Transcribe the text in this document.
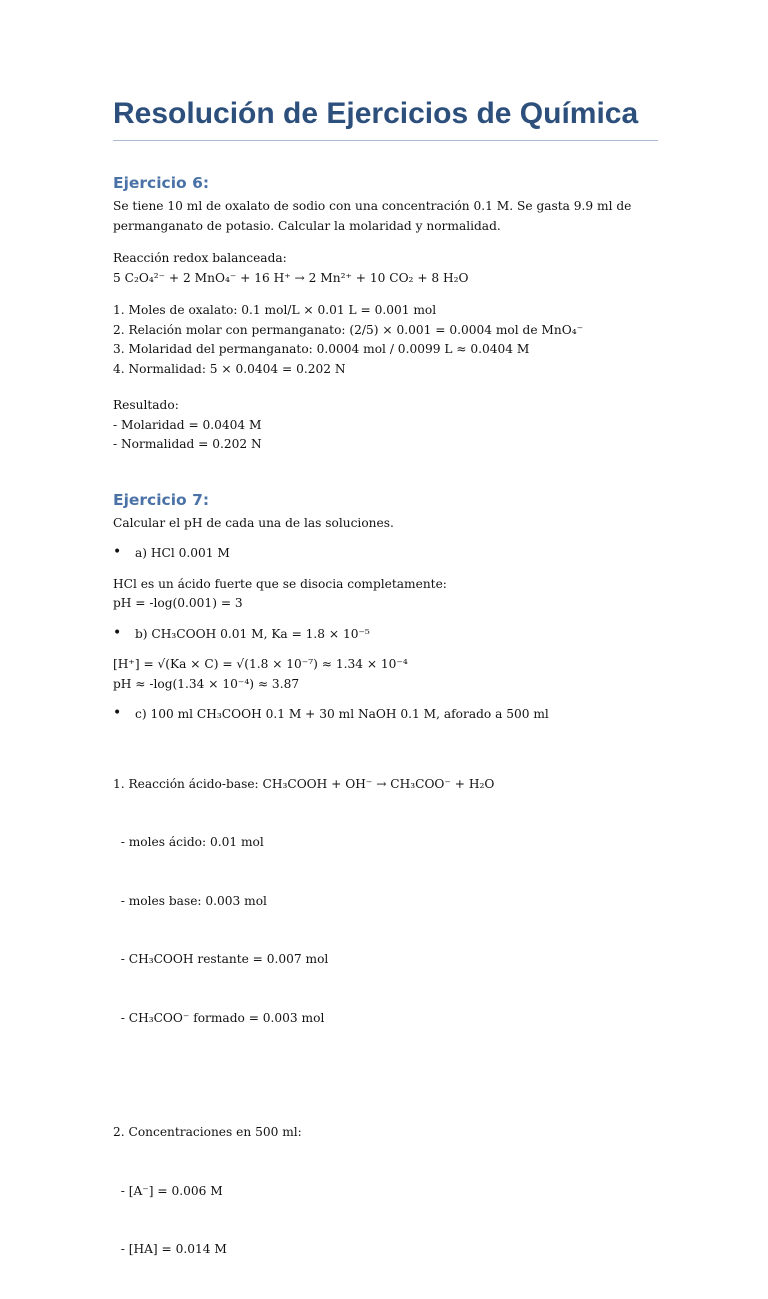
Resolución de Ejercicios de Química
Ejercicio 6:

Se tiene 10 ml de oxalato de sodio con una concentración 0.1 M. Se gasta 9.9 ml de
permanganato de potasio. Calcular la molaridad y normalidad.

Reacción redox balanceada:
5 C₂O₄²⁻ + 2 MnO₄⁻ + 16 H⁺ → 2 Mn²⁺ + 10 CO₂ + 8 H₂O

1. Moles de oxalato: 0.1 mol/L × 0.01 L = 0.001 mol
2. Relación molar con permanganato: (2/5) × 0.001 = 0.0004 mol de MnO₄⁻
3. Molaridad del permanganato: 0.0004 mol / 0.0099 L ≈ 0.0404 M
4. Normalidad: 5 × 0.0404 = 0.202 N

Resultado:
- Molaridad = 0.0404 M
- Normalidad = 0.202 N

Ejercicio 7:

Calcular el pH de cada una de las soluciones.

• a) HCl 0.001 M

HCl es un ácido fuerte que se disocia completamente:
pH = -log(0.001) = 3

• b) CH₃COOH 0.01 M, Ka = 1.8 × 10⁻⁵

[H⁺] = √(Ka × C) = √(1.8 × 10⁻⁷) ≈ 1.34 × 10⁻⁴
pH ≈ -log(1.34 × 10⁻⁴) ≈ 3.87

• c) 100 ml CH₃COOH 0.1 M + 30 ml NaOH 0.1 M, aforado a 500 ml

1. Reacción ácido-base: CH₃COOH + OH⁻ → CH₃COO⁻ + H₂O

- moles ácido: 0.01 mol

- moles base: 0.003 mol

- CH₃COOH restante = 0.007 mol

- CH₃COO⁻ formado = 0.003 mol

2. Concentraciones en 500 ml:

- [A⁻] = 0.006 M

- [HA] = 0.014 M
